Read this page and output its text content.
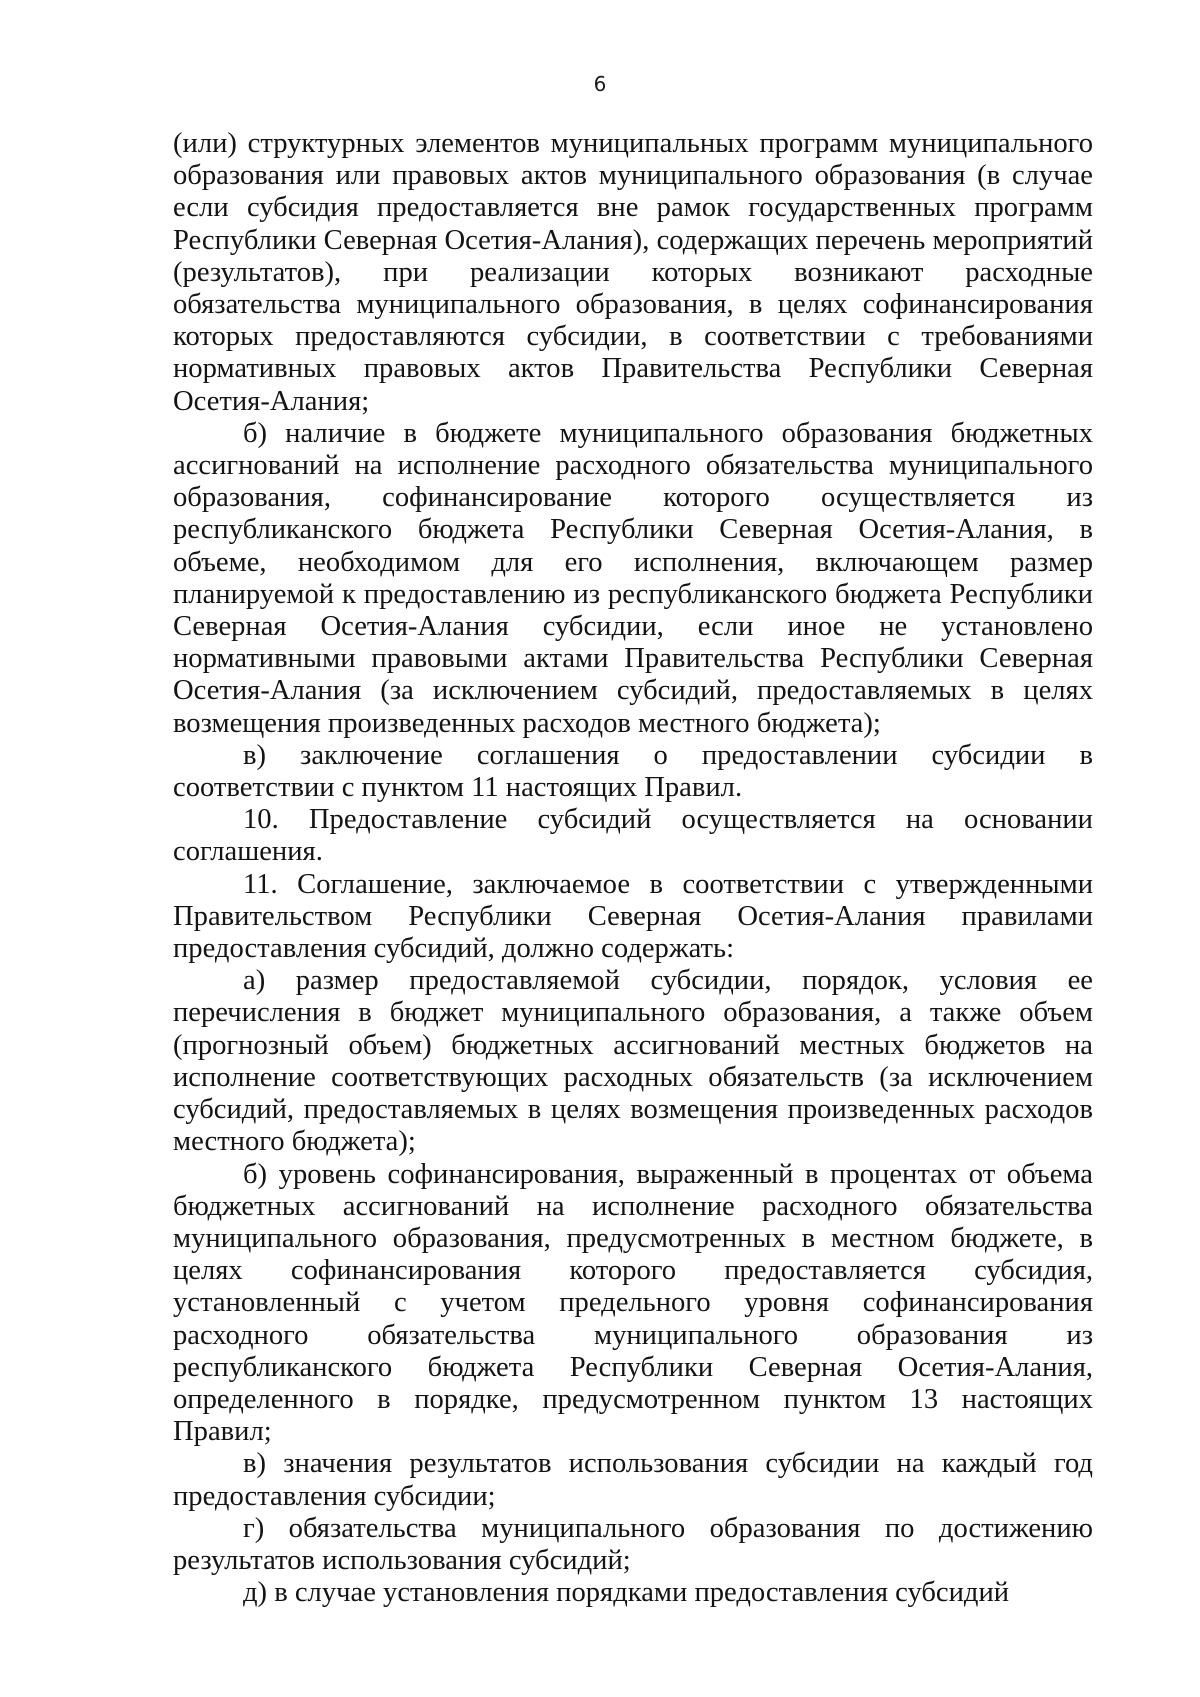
6

(или) структурных элементов муниципальных программ муниципального образования или правовых актов муниципального образования (в случае если субсидия предоставляется вне рамок государственных программ Республики Северная Осетия-Алания), содержащих перечень мероприятий (результатов), при реализации которых возникают расходные обязательства муниципального образования, в целях софинансирования которых предоставляются субсидии, в соответствии с требованиями нормативных правовых актов Правительства Республики Северная Осетия-Алания;

б) наличие в бюджете муниципального образования бюджетных ассигнований на исполнение расходного обязательства муниципального образования, софинансирование которого осуществляется из республиканского бюджета Республики Северная Осетия-Алания, в объеме, необходимом для его исполнения, включающем размер планируемой к предоставлению из республиканского бюджета Республики Северная Осетия-Алания субсидии, если иное не установлено нормативными правовыми актами Правительства Республики Северная Осетия-Алания (за исключением субсидий, предоставляемых в целях возмещения произведенных расходов местного бюджета);

в) заключение соглашения о предоставлении субсидии в соответствии с пунктом 11 настоящих Правил.

10. Предоставление субсидий осуществляется на основании соглашения.

11. Соглашение, заключаемое в соответствии с утвержденными Правительством Республики Северная Осетия-Алания правилами предоставления субсидий, должно содержать:

а) размер предоставляемой субсидии, порядок, условия ее перечисления в бюджет муниципального образования, а также объем (прогнозный объем) бюджетных ассигнований местных бюджетов на исполнение соответствующих расходных обязательств (за исключением субсидий, предоставляемых в целях возмещения произведенных расходов местного бюджета);

б) уровень софинансирования, выраженный в процентах от объема бюджетных ассигнований на исполнение расходного обязательства муниципального образования, предусмотренных в местном бюджете, в целях софинансирования которого предоставляется субсидия, установленный с учетом предельного уровня софинансирования расходного обязательства муниципального образования из республиканского бюджета Республики Северная Осетия-Алания, определенного в порядке, предусмотренном пунктом 13 настоящих Правил;

в) значения результатов использования субсидии на каждый год предоставления субсидии;

г) обязательства муниципального образования по достижению результатов использования субсидий;

д) в случае установления порядками предоставления субсидий
